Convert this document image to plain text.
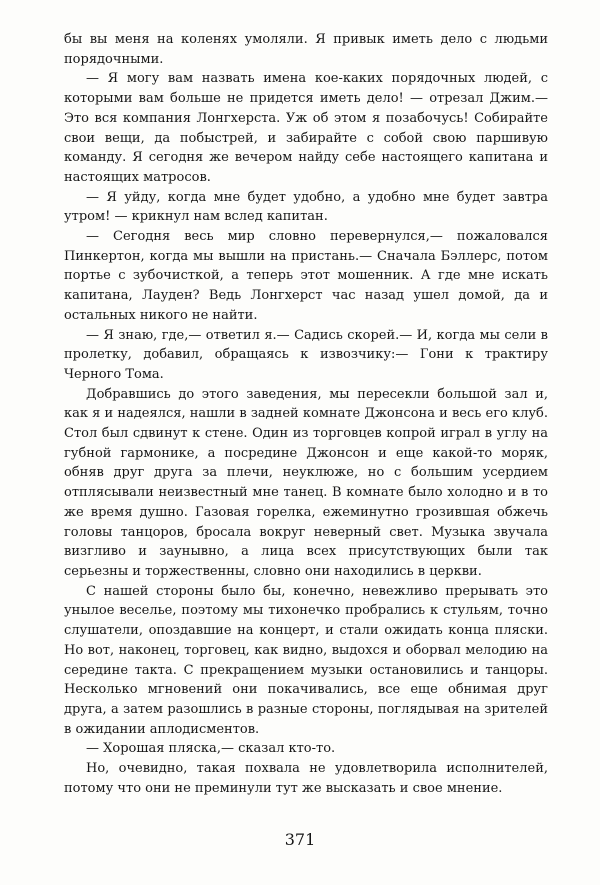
бы вы меня на коленях умоляли. Я привык иметь дело с людьми порядочными.

— Я могу вам назвать имена кое-каких порядочных людей, с которыми вам больше не придется иметь дело! — отрезал Джим.— Это вся компания Лонгхерста. Уж об этом я позабочусь! Собирайте свои вещи, да побыстрей, и забирайте с собой свою паршивую команду. Я сегодня же вечером найду себе настоящего капитана и настоящих матросов.

— Я уйду, когда мне будет удобно, а удобно мне будет завтра утром! — крикнул нам вслед капитан.

— Сегодня весь мир словно перевернулся,— пожаловался Пинкертон, когда мы вышли на пристань.— Сначала Бэллерс, потом портье с зубочисткой, а теперь этот мошенник. А где мне искать капитана, Лауден? Ведь Лонгхерст час назад ушел домой, да и остальных никого не найти.

— Я знаю, где,— ответил я.— Садись скорей.— И, когда мы сели в пролетку, добавил, обращаясь к извозчику:— Гони к трактиру Черного Тома.

Добравшись до этого заведения, мы пересекли большой зал и, как я и надеялся, нашли в задней комнате Джонсона и весь его клуб. Стол был сдвинут к стене. Один из торговцев копрой играл в углу на губной гармонике, а посредине Джонсон и еще какой-то моряк, обняв друг друга за плечи, неуклюже, но с большим усердием отплясывали неизвестный мне танец. В комнате было холодно и в то же время душно. Газовая горелка, ежеминутно грозившая обжечь головы танцоров, бросала вокруг неверный свет. Музыка звучала визгливо и заунывно, а лица всех присутствующих были так серьезны и торжественны, словно они находились в церкви.

С нашей стороны было бы, конечно, невежливо прерывать это унылое веселье, поэтому мы тихонечко пробрались к стульям, точно слушатели, опоздавшие на концерт, и стали ожидать конца пляски. Но вот, наконец, торговец, как видно, выдохся и оборвал мелодию на середине такта. С прекращением музыки остановились и танцоры. Несколько мгновений они покачивались, все еще обнимая друг друга, а затем разошлись в разные стороны, поглядывая на зрителей в ожидании аплодисментов.

— Хорошая пляска,— сказал кто-то.

Но, очевидно, такая похвала не удовлетворила исполнителей, потому что они не преминули тут же высказать и свое мнение.

371
